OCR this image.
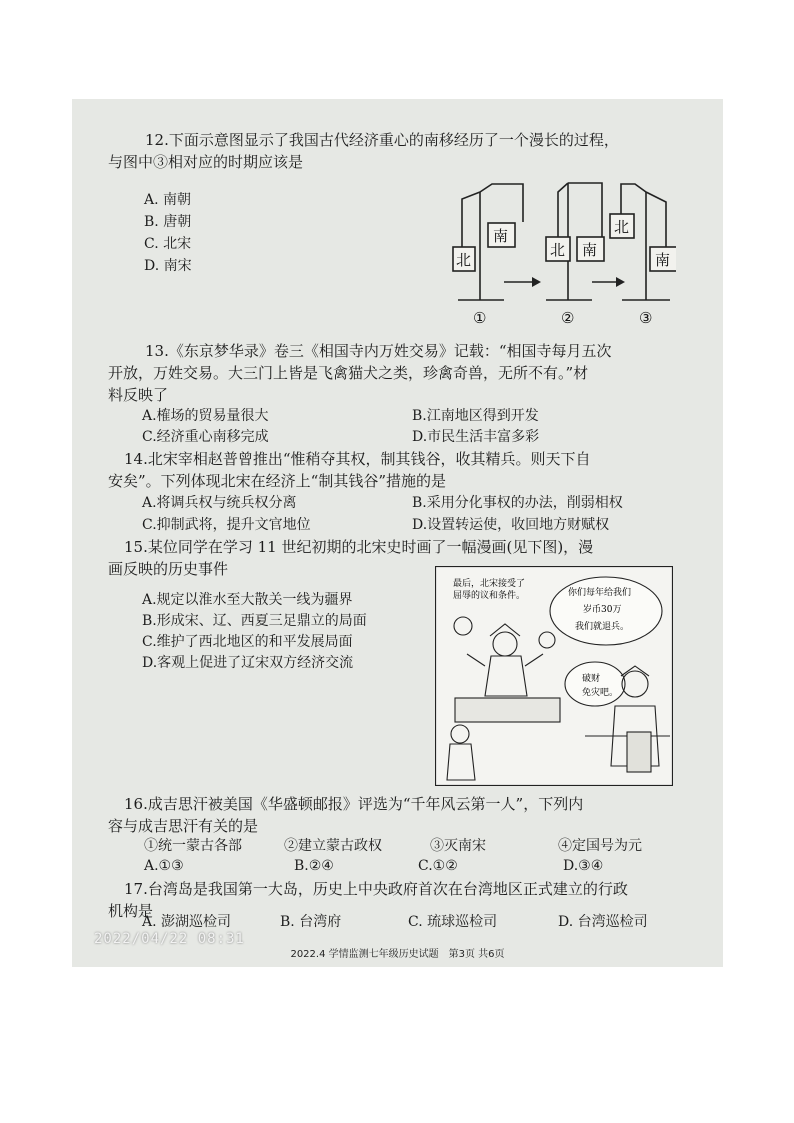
12.下面示意图显示了我国古代经济重心的南移经历了一个漫长的过程，
与图中③相对应的时期应该是
A. 南朝
B. 唐朝
C. 北宋
D. 南宋	北
南
北 南
北
南
①	②	③
13.《东京梦华录》卷三《相国寺内万姓交易》记载：“相国寺每月五次
开放，万姓交易。大三门上皆是飞禽猫犬之类，珍禽奇兽，无所不有。”材
料反映了
A.榷场的贸易量很大	B.江南地区得到开发
C.经济重心南移完成	D.市民生活丰富多彩
14.北宋宰相赵普曾推出“惟稍夺其权，制其钱谷，收其精兵。则天下自
安矣”。下列体现北宋在经济上“制其钱谷”措施的是
A.将调兵权与统兵权分离	B.采用分化事权的办法，削弱相权
C.抑制武将，提升文官地位	D.设置转运使，收回地方财赋权
15.某位同学在学习 11 世纪初期的北宋史时画了一幅漫画(见下图)，漫
画反映的历史事件
A.规定以淮水至大散关一线为疆界
B.形成宋、辽、西夏三足鼎立的局面
C.维护了西北地区的和平发展局面
D.客观上促进了辽宋双方经济交流
最后，北宋接受了
屈辱的议和条件。	你们每年给我们
岁币30万
我们就退兵。
破财
免灾吧。
16.成吉思汗被美国《华盛顿邮报》评选为“千年风云第一人”，下列内
容与成吉思汗有关的是
①统一蒙古各部	②建立蒙古政权	③灭南宋	④定国号为元
A.①③	B.②④	C.①②	D.③④
17.台湾岛是我国第一大岛，历史上中央政府首次在台湾地区正式建立的行政
机构是
A. 澎湖巡检司	B. 台湾府	C. 琉球巡检司	D. 台湾巡检司
2022/04/22 08:31
2022.4 学情监测七年级历史试题　第3页 共6页
